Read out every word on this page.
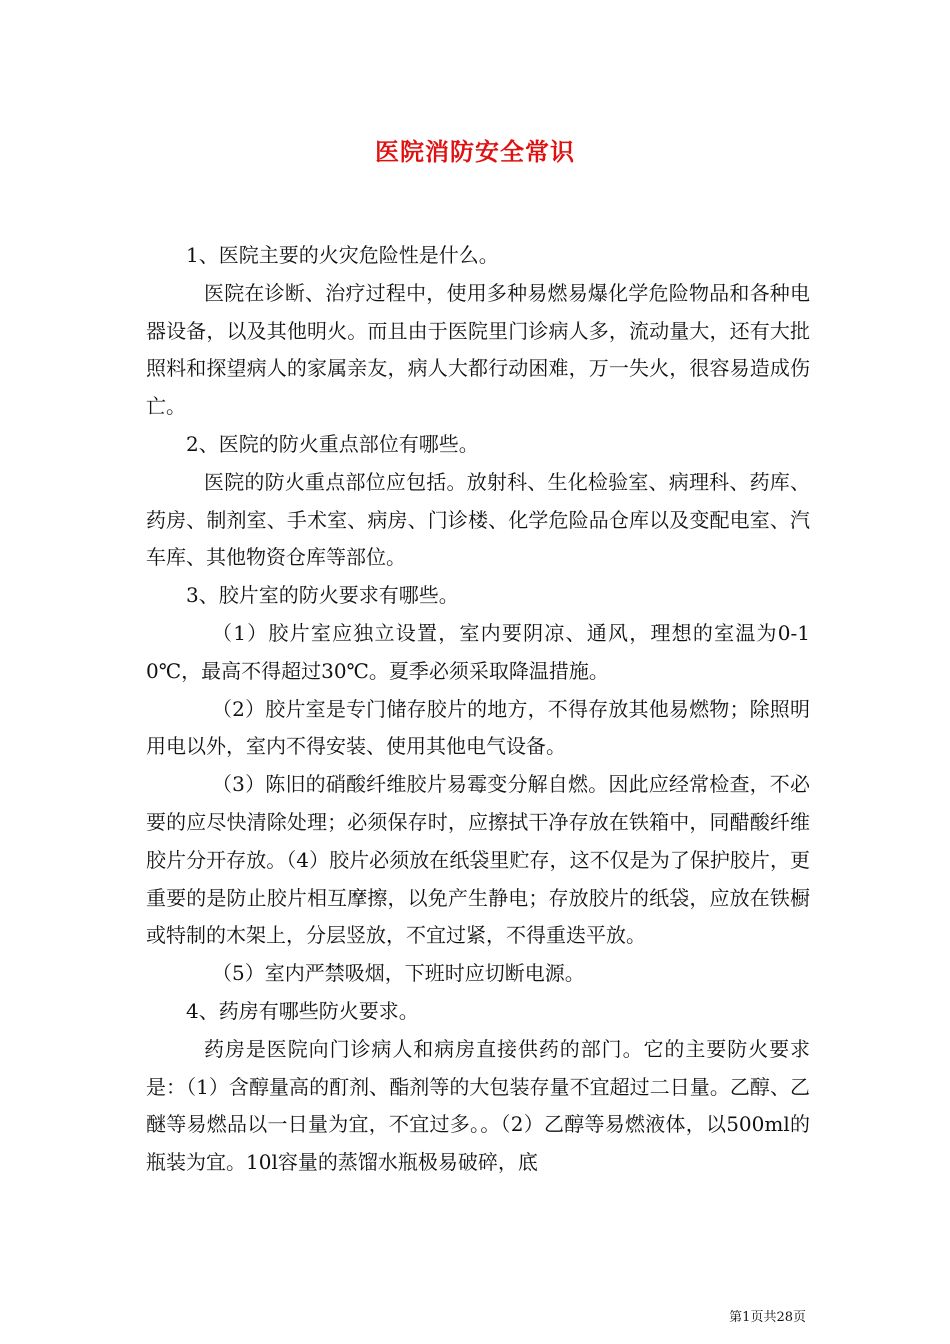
医院消防安全常识

1、医院主要的火灾危险性是什么。

医院在诊断、治疗过程中，使用多种易燃易爆化学危险物品和各种电器设备，以及其他明火。而且由于医院里门诊病人多，流动量大，还有大批照料和探望病人的家属亲友，病人大都行动困难，万一失火，很容易造成伤亡。

2、医院的防火重点部位有哪些。

医院的防火重点部位应包括。放射科、生化检验室、病理科、药库、药房、制剂室、手术室、病房、门诊楼、化学危险品仓库以及变配电室、汽车库、其他物资仓库等部位。

3、胶片室的防火要求有哪些。

（1）胶片室应独立设置，室内要阴凉、通风，理想的室温为0-10℃，最高不得超过30℃。夏季必须采取降温措施。

（2）胶片室是专门储存胶片的地方，不得存放其他易燃物；除照明用电以外，室内不得安装、使用其他电气设备。

（3）陈旧的硝酸纤维胶片易霉变分解自燃。因此应经常检查，不必要的应尽快清除处理；必须保存时，应擦拭干净存放在铁箱中，同醋酸纤维胶片分开存放。（4）胶片必须放在纸袋里贮存，这不仅是为了保护胶片，更重要的是防止胶片相互摩擦，以免产生静电；存放胶片的纸袋，应放在铁橱或特制的木架上，分层竖放，不宜过紧，不得重迭平放。

（5）室内严禁吸烟，下班时应切断电源。

4、药房有哪些防火要求。

药房是医院向门诊病人和病房直接供药的部门。它的主要防火要求是：（1）含醇量高的酊剂、酯剂等的大包装存量不宜超过二日量。乙醇、乙醚等易燃品以一日量为宜，不宜过多。。（2）乙醇等易燃液体，以500ml的瓶装为宜。10l容量的蒸馏水瓶极易破碎，底

第1页共28页
